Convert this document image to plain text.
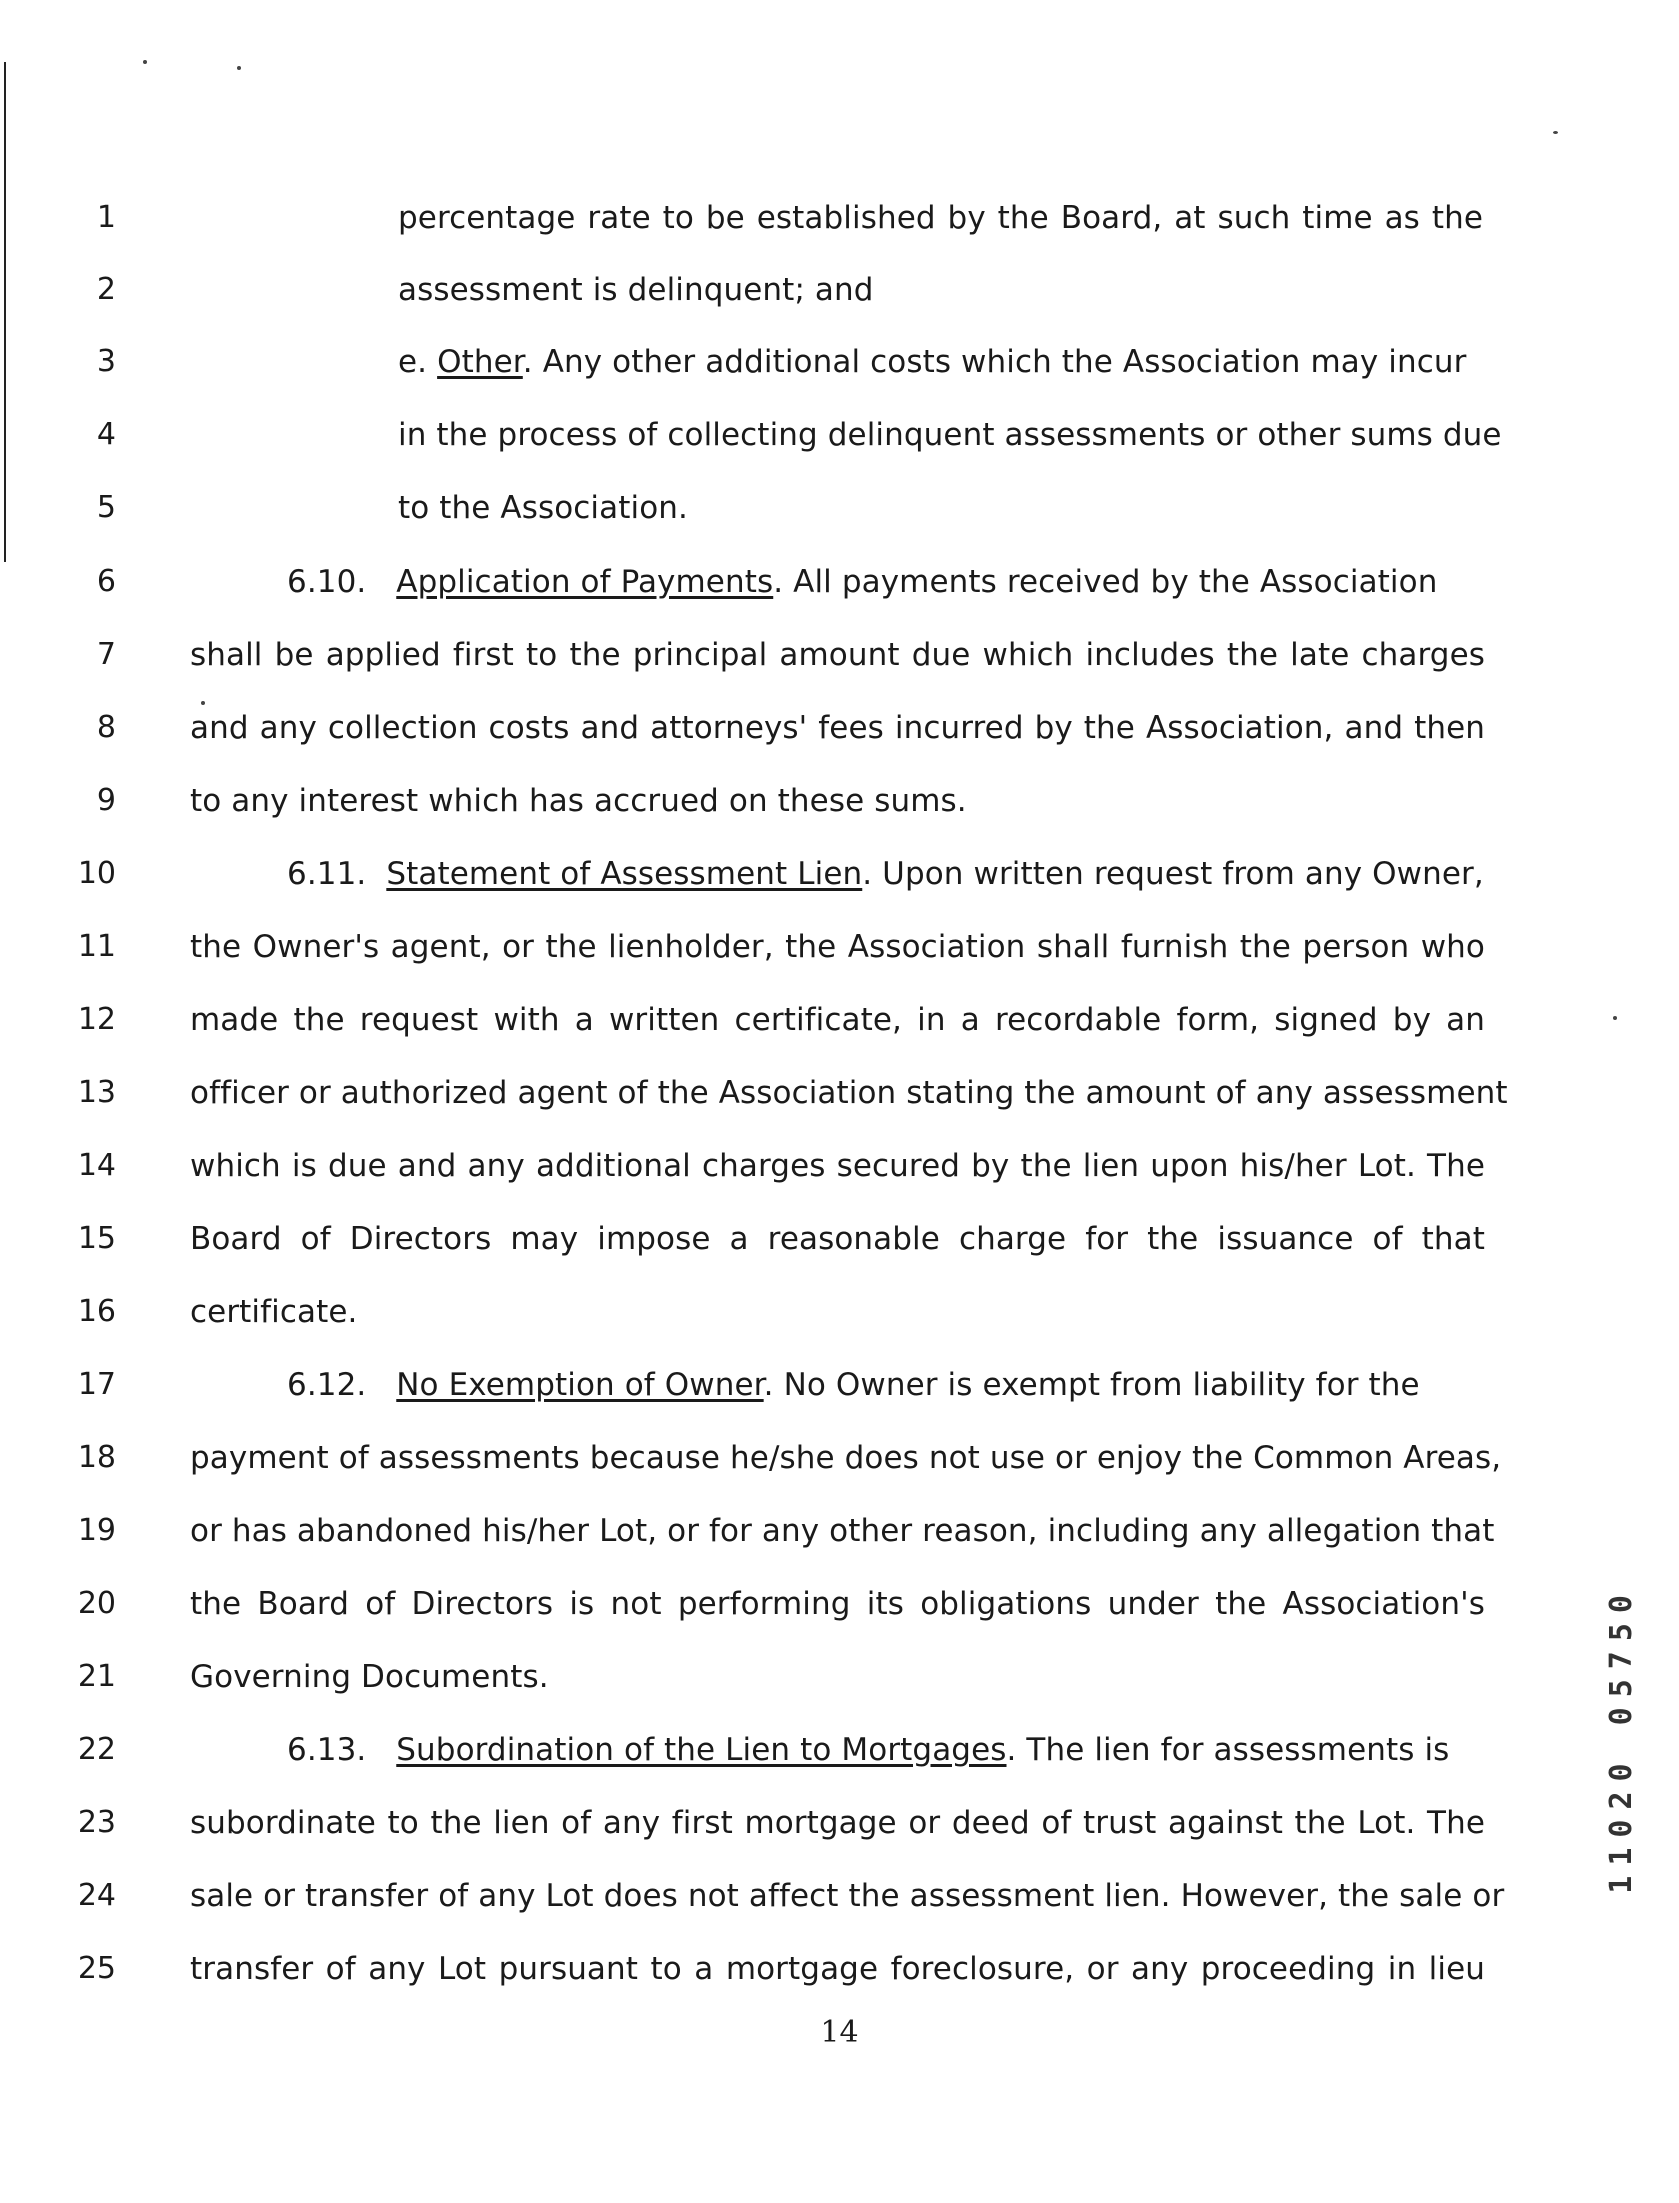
1
2
3
4
5
6
7
8
9
10
11
12
13
14
15
16
17
18
19
20
21
22
23
24
25
percentage rate to be established by the Board, at such time as the
assessment is delinquent; and
e. Other. Any other additional costs which the Association may incur
in the process of collecting delinquent assessments or other sums due
to the Association.
6.10. Application of Payments. All payments received by the Association
shall be applied first to the principal amount due which includes the late charges
and any collection costs and attorneys' fees incurred by the Association, and then
to any interest which has accrued on these sums.
6.11. Statement of Assessment Lien. Upon written request from any Owner,
the Owner's agent, or the lienholder, the Association shall furnish the person who
made the request with a written certificate, in a recordable form, signed by an
officer or authorized agent of the Association stating the amount of any assessment
which is due and any additional charges secured by the lien upon his/her Lot. The
Board of Directors may impose a reasonable charge for the issuance of that
certificate.
6.12. No Exemption of Owner. No Owner is exempt from liability for the
payment of assessments because he/she does not use or enjoy the Common Areas,
or has abandoned his/her Lot, or for any other reason, including any allegation that
the Board of Directors is not performing its obligations under the Association's
Governing Documents.
6.13. Subordination of the Lien to Mortgages. The lien for assessments is
subordinate to the lien of any first mortgage or deed of trust against the Lot. The
sale or transfer of any Lot does not affect the assessment lien. However, the sale or
transfer of any Lot pursuant to a mortgage foreclosure, or any proceeding in lieu
14
11020 05750
